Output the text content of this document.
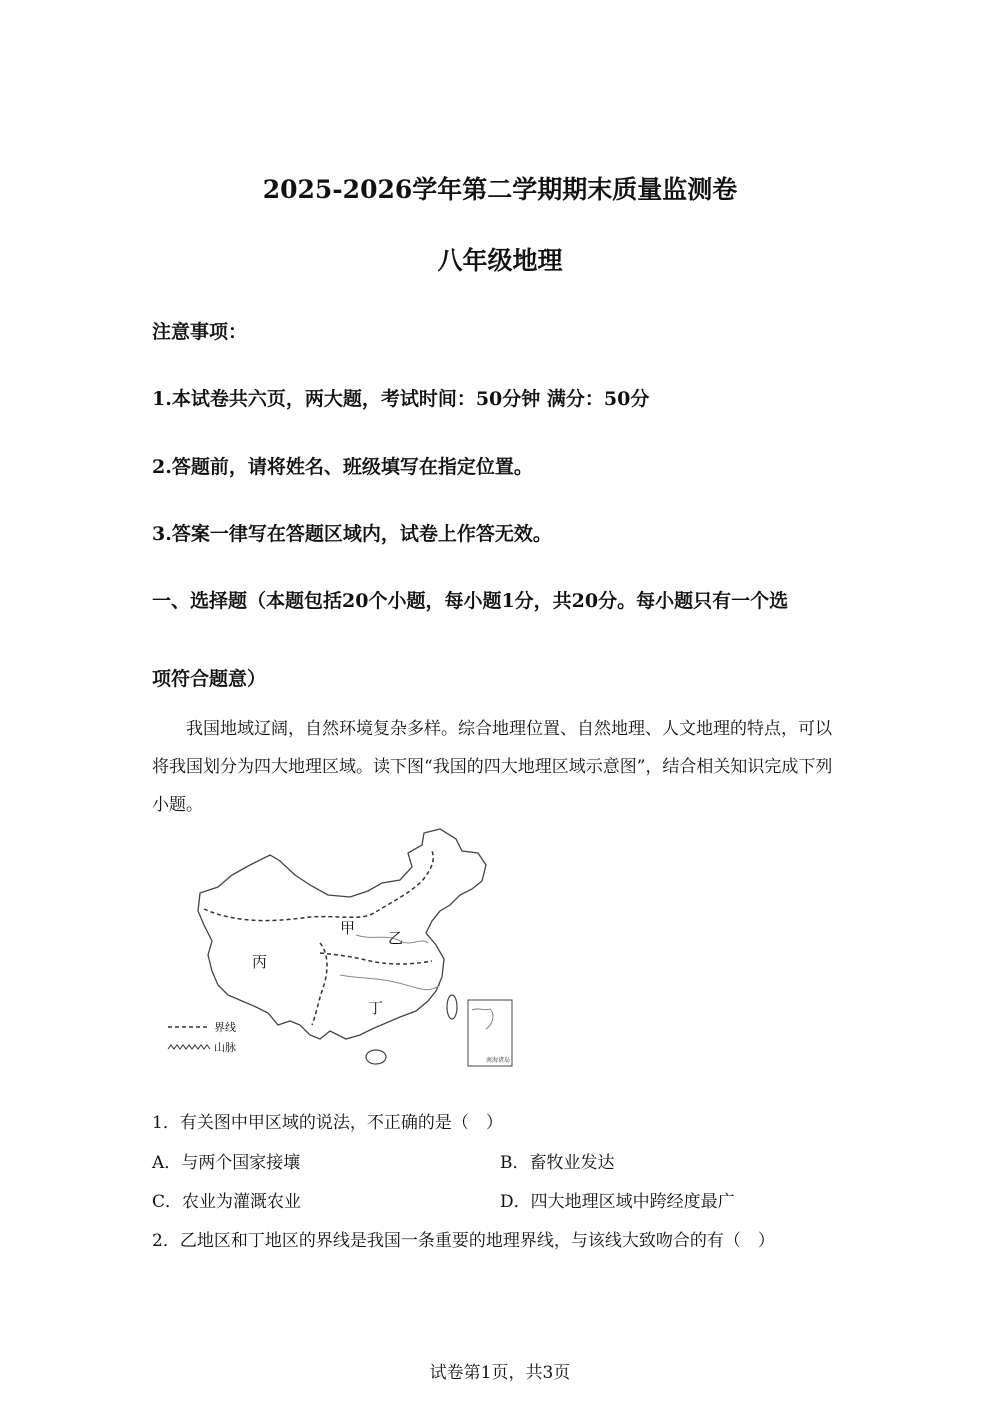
2025-2026学年第二学期期末质量监测卷
八年级地理
注意事项：
1.本试卷共六页，两大题，考试时间：50分钟 满分：50分
2.答题前，请将姓名、班级填写在指定位置。
3.答案一律写在答题区域内，试卷上作答无效。
一、选择题（本题包括20个小题，每小题1分，共20分。每小题只有一个选
项符合题意）
我国地域辽阔，自然环境复杂多样。综合地理位置、自然地理、人文地理的特点，可以将我国划分为四大地理区域。读下图“我国的四大地理区域示意图”，结合相关知识完成下列小题。
甲
乙
丙
丁
南海诸岛
界线
山脉
1．有关图中甲区域的说法，不正确的是（　）
A．与两个国家接壤	B．畜牧业发达
C．农业为灌溉农业	D．四大地理区域中跨经度最广
2．乙地区和丁地区的界线是我国一条重要的地理界线，与该线大致吻合的有（　）
试卷第1页，共3页
